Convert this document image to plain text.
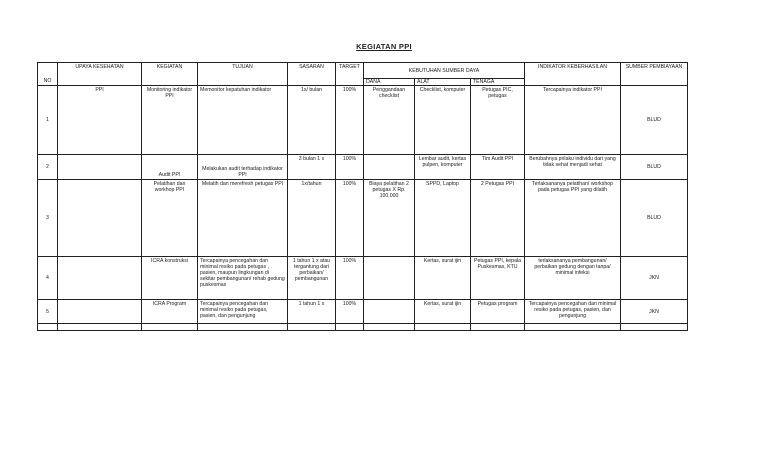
KEGIATAN PPI
NO	UPAYA KESEHATAN	KEGIATAN	TUJUAN	SASARAN	TARGET	KEBUTUHAN SUMBER DAYA			INDIKATOR KEBERHASILAN	SUMBER PEMBIAYAAN
						DANA	ALAT	TENAGA		
1	PPI	Monitoring indikator PPI	Memonitor kepatuhan indikator	1x/ bulan	100%	Penggandaan checklist	Checklist, komputer	Petugas PIC, petugas	Tercapainya indikator PPI	BLUD
2		Audit PPI	Melakukan audit terhadap indikator PPI	3 bulan 1 x	100%		Lembar audit, kertas pulpen, komputer	Tim Audit PPI	Berubahnya prilaku individu dari yang tidak sehat menjadi sehat	BLUD
3		Pelatihan dan workhop PPI	Melatih dan merefresh petugas PPI	1x/tahun	100%	Biaya pelatihan 2 petugas X Rp. 100.000	SPPD, Laptop	2 Petugas PPI	Terlaksananya pelatihan/ workshop pada petugas PPI yang dilatih	BLUD
4		ICRA konstruksi	Tercapainya pencegahan dan minimal resiko pada petugas , pasien, maupun lingkungan di sekitar pembangunan/ rehab gedung puskesmas	1 tahun 1 x atau tergantung dari perbaikan/ pembangunan	100%		Kertas, surat ijin	Petugas PPI, kepala Puskesmas, KTU	terlaksananya pembangunan/ perbaikan gedung dengan tanpa/ minimal infeksi	JKN
5		ICRA Program	Tercapainya pencegahan dan minimal resiko pada petugas, pasien, dan pengunjung	1 tahun 1 x	100%		Kertas, surat ijin	Petugas program	Tercapainya pencegahan dan minimal resiko pada petugas, pasien, dan pengunjung	JKN
